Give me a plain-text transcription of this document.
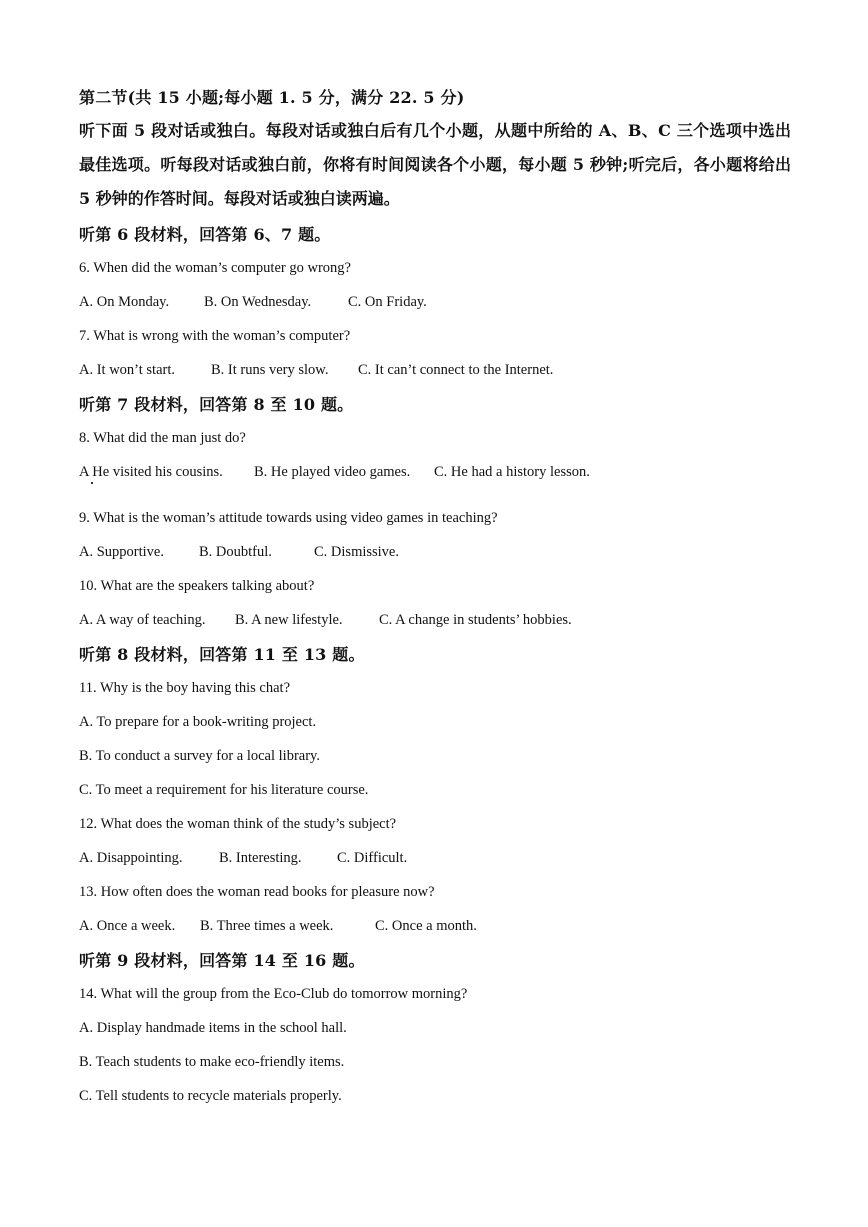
第二节(共 15 小题;每小题 1. 5 分，满分 22. 5 分)
听下面 5 段对话或独白。每段对话或独白后有几个小题，从题中所给的 A、B、C 三个选项中选出最佳选项。听每段对话或独白前，你将有时间阅读各个小题，每小题 5 秒钟;听完后，各小题将给出 5 秒钟的作答时间。每段对话或独白读两遍。
听第 6 段材料，回答第 6、7 题。
6. When did the woman’s computer go wrong?
A. On Monday. B. On Wednesday.	C. On Friday.
7. What is wrong with the woman’s computer?
A. It won’t start. B. It runs very slow. C. It can’t connect to the Internet.
听第 7 段材料，回答第 8 至 10 题。
8. What did the man just do?
A He visited his cousins. B. He played video games. C. He had a history lesson.
9. What is the woman’s attitude towards using video games in teaching?
A. Supportive. B. Doubtful.	C. Dismissive.
10. What are the speakers talking about?
A. A way of teaching. B. A new lifestyle.	C. A change in students’ hobbies.
听第 8 段材料，回答第 11 至 13 题。
11. Why is the boy having this chat?
A. To prepare for a book-writing project.
B. To conduct a survey for a local library.
C. To meet a requirement for his literature course.
12. What does the woman think of the study’s subject?
A. Disappointing.	B. Interesting. C. Difficult.
13. How often does the woman read books for pleasure now?
A. Once a week. B. Three times a week.	C. Once a month.
听第 9 段材料，回答第 14 至 16 题。
14. What will the group from the Eco-Club do tomorrow morning?
A. Display handmade items in the school hall.
B. Teach students to make eco-friendly items.
C. Tell students to recycle materials properly.
